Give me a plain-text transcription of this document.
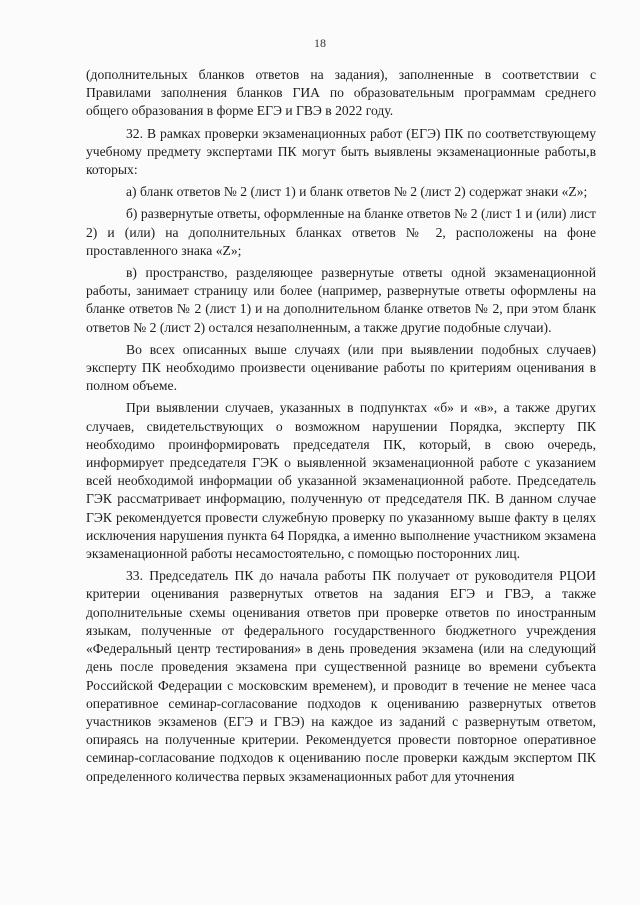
18

(дополнительных бланков ответов на задания), заполненные в соответствии с Правилами заполнения бланков ГИА по образовательным программам среднего общего образования в форме ЕГЭ и ГВЭ в 2022 году.

32. В рамках проверки экзаменационных работ (ЕГЭ) ПК по соответствующему учебному предмету экспертами ПК могут быть выявлены экзаменационные работы,в которых:

а) бланк ответов № 2 (лист 1) и бланк ответов № 2 (лист 2) содержат знаки «Z»;

б) развернутые ответы, оформленные на бланке ответов № 2 (лист 1 и (или) лист 2) и (или) на дополнительных бланках ответов № 2, расположены на фоне проставленного знака «Z»;

в) пространство, разделяющее развернутые ответы одной экзаменационной работы, занимает страницу или более (например, развернутые ответы оформлены на бланке ответов № 2 (лист 1) и на дополнительном бланке ответов № 2, при этом бланк ответов № 2 (лист 2) остался незаполненным, а также другие подобные случаи).

Во всех описанных выше случаях (или при выявлении подобных случаев) эксперту ПК необходимо произвести оценивание работы по критериям оценивания в полном объеме.

При выявлении случаев, указанных в подпунктах «б» и «в», а также других случаев, свидетельствующих о возможном нарушении Порядка, эксперту ПК необходимо проинформировать председателя ПК, который, в свою очередь, информирует председателя ГЭК о выявленной экзаменационной работе с указанием всей необходимой информации об указанной экзаменационной работе. Председатель ГЭК рассматривает информацию, полученную от председателя ПК. В данном случае ГЭК рекомендуется провести служебную проверку по указанному выше факту в целях исключения нарушения пункта 64 Порядка, а именно выполнение участником экзамена экзаменационной работы несамостоятельно, с помощью посторонних лиц.

33. Председатель ПК до начала работы ПК получает от руководителя РЦОИ критерии оценивания развернутых ответов на задания ЕГЭ и ГВЭ, а также дополнительные схемы оценивания ответов при проверке ответов по иностранным языкам, полученные от федерального государственного бюджетного учреждения «Федеральный центр тестирования» в день проведения экзамена (или на следующий день после проведения экзамена при существенной разнице во времени субъекта Российской Федерации с московским временем), и проводит в течение не менее часа оперативное семинар-согласование подходов к оцениванию развернутых ответов участников экзаменов (ЕГЭ и ГВЭ) на каждое из заданий с развернутым ответом, опираясь на полученные критерии. Рекомендуется провести повторное оперативное семинар-согласование подходов к оцениванию после проверки каждым экспертом ПК определенного количества первых экзаменационных работ для уточнения
